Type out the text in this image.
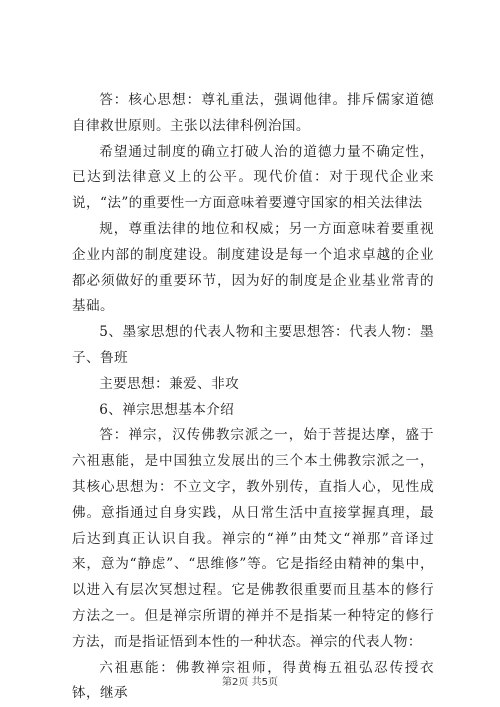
答：核心思想：尊礼重法，强调他律。排斥儒家道德自律救世原则。主张以法律科例治国。

希望通过制度的确立打破人治的道德力量不确定性，已达到法律意义上的公平。现代价值：对于现代企业来说，“法”的重要性一方面意味着要遵守国家的相关法律法

规，尊重法律的地位和权威；另一方面意味着要重视企业内部的制度建设。制度建设是每一个追求卓越的企业都必须做好的重要环节，因为好的制度是企业基业常青的基础。

5、墨家思想的代表人物和主要思想答：代表人物：墨子、鲁班

主要思想：兼爱、非攻

6、禅宗思想基本介绍

答：禅宗，汉传佛教宗派之一，始于菩提达摩，盛于六祖惠能，是中国独立发展出的三个本土佛教宗派之一，其核心思想为：不立文字，教外别传，直指人心，见性成佛。意指通过自身实践，从日常生活中直接掌握真理，最后达到真正认识自我。禅宗的“禅”由梵文“禅那”音译过来，意为“静虑”、“思维修”等。它是指经由精神的集中，以进入有层次冥想过程。它是佛教很重要而且基本的修行方法之一。但是禅宗所谓的禅并不是指某一种特定的修行方法，而是指证悟到本性的一种状态。禅宗的代表人物：

六祖惠能：佛教禅宗祖师，得黄梅五祖弘忍传授衣钵，继承

第2页 共5页
